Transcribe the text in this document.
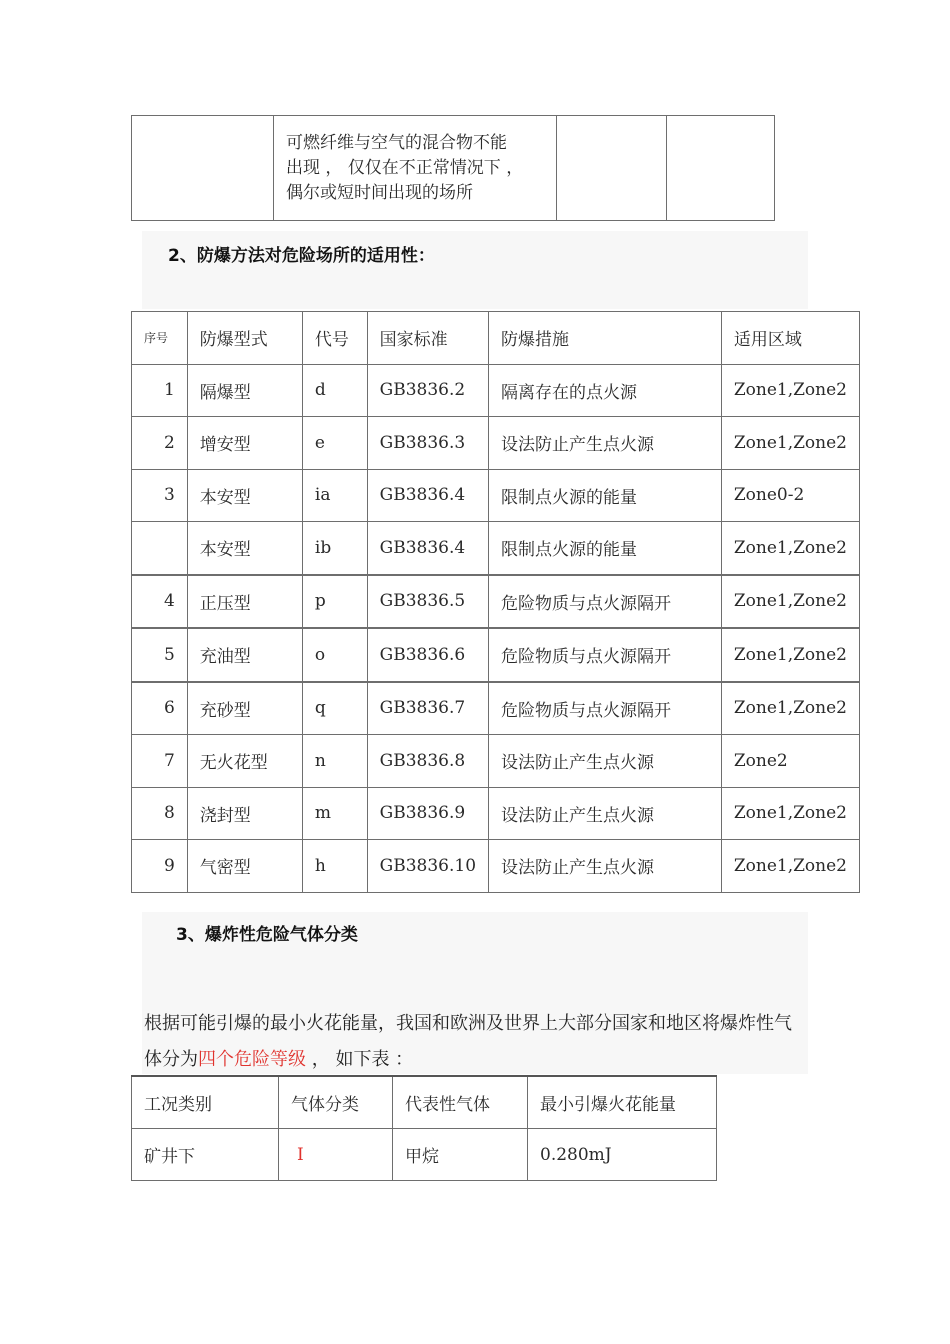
可燃纤维与空气的混合物不能
出现 ， 仅仅在不正常情况下 ，
偶尔或短时间出现的场所

2、防爆方法对危险场所的适用性：
序号	防爆型式	代号	国家标准	防爆措施	适用区域
1	隔爆型	d	GB3836.2	隔离存在的点火源	Zone1,Zone2
2	增安型	e	GB3836.3	设法防止产生点火源	Zone1,Zone2
3	本安型	ia	GB3836.4	限制点火源的能量	Zone0-2
	本安型	ib	GB3836.4	限制点火源的能量	Zone1,Zone2
4	正压型	p	GB3836.5	危险物质与点火源隔开	Zone1,Zone2
5	充油型	o	GB3836.6	危险物质与点火源隔开	Zone1,Zone2
6	充砂型	q	GB3836.7	危险物质与点火源隔开	Zone1,Zone2
7	无火花型	n	GB3836.8	设法防止产生点火源	Zone2
8	浇封型	m	GB3836.9	设法防止产生点火源	Zone1,Zone2
9	气密型	h	GB3836.10	设法防止产生点火源	Zone1,Zone2
3、爆炸性危险气体分类
根据可能引爆的最小火花能量，我国和欧洲及世界上大部分国家和地区将爆炸性气体分为四个危险等级 ， 如下表 ：
工况类别	气体分类	代表性气体	最小引爆火花能量
矿井下	I	甲烷	0.280mJ
